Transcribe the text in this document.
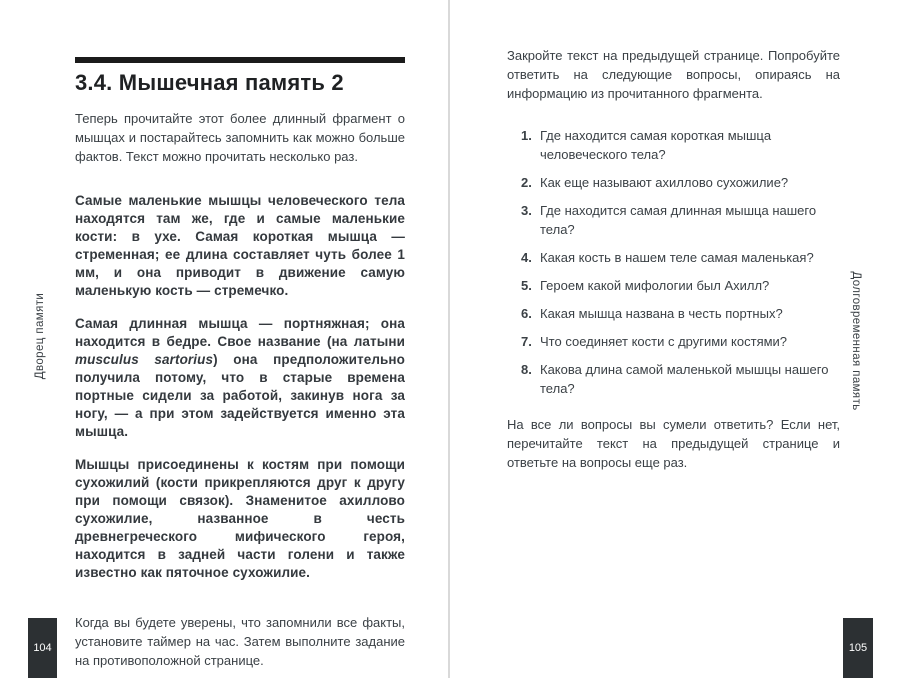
Дворец памяти	Долговременная память
3.4. Мышечная память 2

Теперь прочитайте этот более длинный фрагмент о мышцах и постарайтесь запомнить как можно больше фактов. Текст можно прочитать несколько раз.

Самые маленькие мышцы человеческого тела находятся там же, где и самые маленькие кости: в ухе. Самая короткая мышца — стременная; ее длина составляет чуть более 1 мм, и она приводит в движение самую маленькую кость — стремечко.

Самая длинная мышца — портняжная; она находится в бедре. Свое название (на латыни musculus sartorius) она предположительно получила потому, что в старые времена портные сидели за работой, закинув нога за ногу, — а при этом задействуется именно эта мышца.

Мышцы присоединены к костям при помощи сухожилий (кости прикрепляются друг к другу при помощи связок). Знаменитое ахиллово сухожилие, названное в честь древнегреческого мифического героя, находится в задней части голени и также известно как пяточное сухожилие.

Когда вы будете уверены, что запомнили все факты, установите таймер на час. Затем выполните задание на противоположной странице.

Закройте текст на предыдущей странице. Попробуйте ответить на следующие вопросы, опираясь на информацию из прочитанного фрагмента.

1. Где находится самая короткая мышца человеческого тела?
2. Как еще называют ахиллово сухожилие?
3. Где находится самая длинная мышца нашего тела?
4. Какая кость в нашем теле самая маленькая?
5. Героем какой мифологии был Ахилл?
6. Какая мышца названа в честь портных?
7. Что соединяет кости с другими костями?
8. Какова длина самой маленькой мышцы нашего тела?

На все ли вопросы вы сумели ответить? Если нет, перечитайте текст на предыдущей странице и ответьте на вопросы еще раз.

104	105
